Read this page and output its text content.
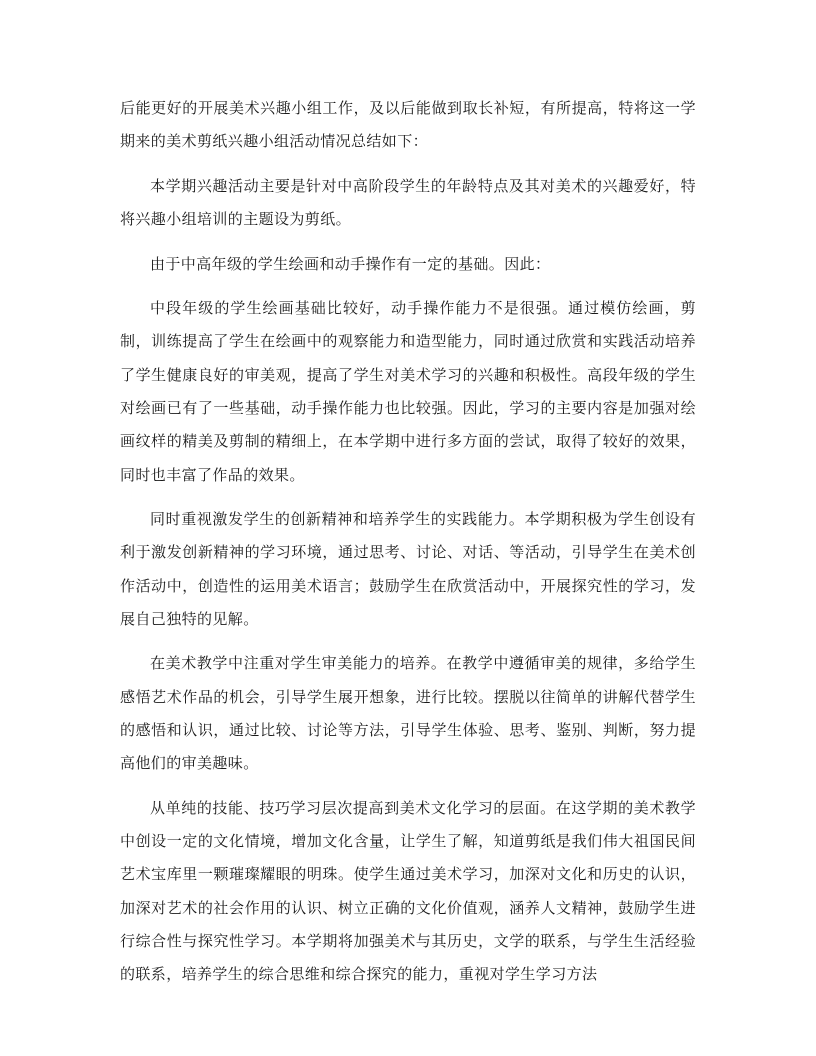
后能更好的开展美术兴趣小组工作，及以后能做到取长补短，有所提高，特将这一学期来的美术剪纸兴趣小组活动情况总结如下：

本学期兴趣活动主要是针对中高阶段学生的年龄特点及其对美术的兴趣爱好，特将兴趣小组培训的主题设为剪纸。

由于中高年级的学生绘画和动手操作有一定的基础。因此：

中段年级的学生绘画基础比较好，动手操作能力不是很强。通过模仿绘画，剪制，训练提高了学生在绘画中的观察能力和造型能力，同时通过欣赏和实践活动培养了学生健康良好的审美观，提高了学生对美术学习的兴趣和积极性。高段年级的学生对绘画已有了一些基础，动手操作能力也比较强。因此，学习的主要内容是加强对绘画纹样的精美及剪制的精细上，在本学期中进行多方面的尝试，取得了较好的效果，同时也丰富了作品的效果。

同时重视激发学生的创新精神和培养学生的实践能力。本学期积极为学生创设有利于激发创新精神的学习环境，通过思考、讨论、对话、等活动，引导学生在美术创作活动中，创造性的运用美术语言；鼓励学生在欣赏活动中，开展探究性的学习，发展自己独特的见解。

在美术教学中注重对学生审美能力的培养。在教学中遵循审美的规律，多给学生感悟艺术作品的机会，引导学生展开想象，进行比较。摆脱以往简单的讲解代替学生的感悟和认识，通过比较、讨论等方法，引导学生体验、思考、鉴别、判断，努力提高他们的审美趣味。

从单纯的技能、技巧学习层次提高到美术文化学习的层面。在这学期的美术教学中创设一定的文化情境，增加文化含量，让学生了解，知道剪纸是我们伟大祖国民间艺术宝库里一颗璀璨耀眼的明珠。使学生通过美术学习，加深对文化和历史的认识，加深对艺术的社会作用的认识、树立正确的文化价值观，涵养人文精神，鼓励学生进行综合性与探究性学习。本学期将加强美术与其历史，文学的联系，与学生生活经验的联系，培养学生的综合思维和综合探究的能力，重视对学生学习方法
